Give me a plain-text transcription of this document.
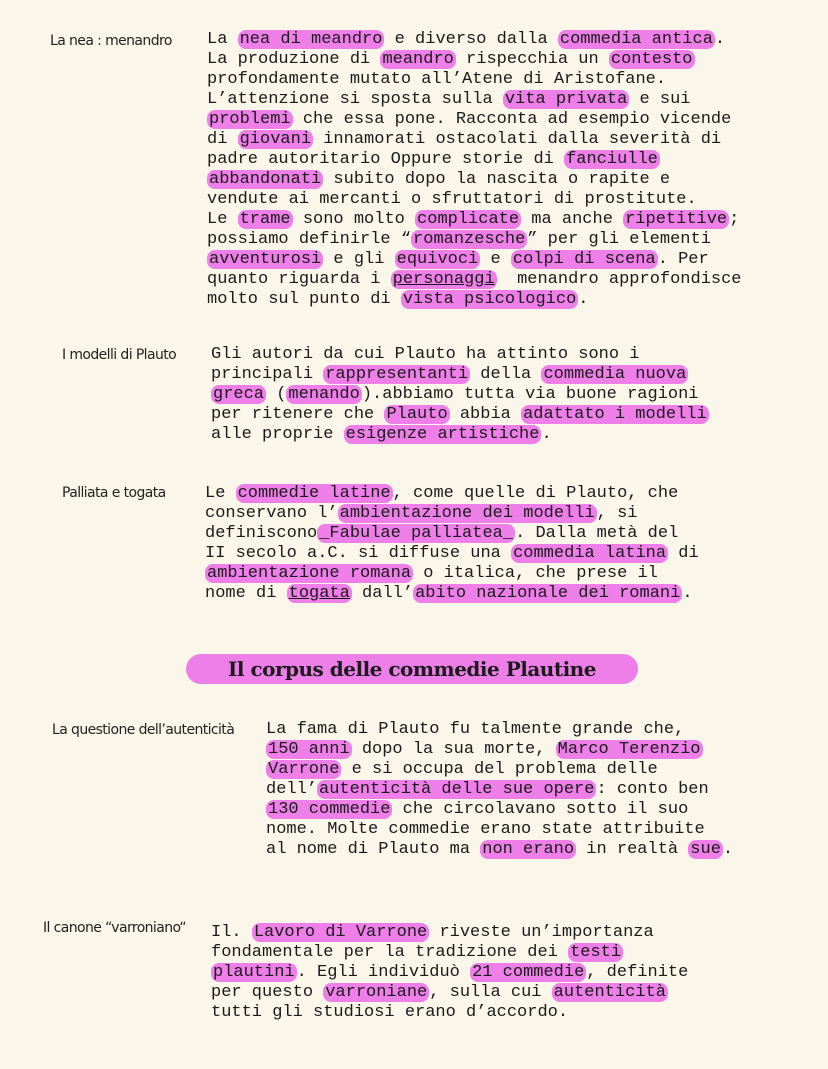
La nea : menandro La nea di meandro e diverso dalla commedia antica .
La produzione di meandro rispecchia un contesto
profondamente mutato all’Atene di Aristofane.
L’attenzione si sposta sulla vita privata e sui
problemi che essa pone. Racconta ad esempio vicende
di giovani innamorati ostacolati dalla severità di
padre autoritario Oppure storie di fanciulle
abbandonati subito dopo la nascita o rapite e
vendute ai mercanti o sfruttatori di prostitute.
Le trame sono molto complicate ma anche ripetitive ;
possiamo definirle “ romanzesche ” per gli elementi
avventurosi e gli equivoci e colpi di scena . Per
quanto riguarda i personaggi  menandro approfondisce
molto sul punto di vista psicologico .
I modelli di Plauto Gli autori da cui Plauto ha attinto sono i
principali rappresentanti della commedia nuova
greca ( menando ).abbiamo tutta via buone ragioni
per ritenere che Plauto abbia adattato i modelli
alle proprie esigenze artistiche .
Palliata e togata Le commedie latine , come quelle di Plauto, che
conservano l’ ambientazione dei modelli , si
definiscono _Fabulae palliatea_ . Dalla metà del
II secolo a.C. si diffuse una commedia latina di
ambientazione romana o italica, che prese il
nome di togata dall’ abito nazionale dei romani .
Il corpus delle commedie Plautine
La questione dell’autenticità La fama di Plauto fu talmente grande che,
150 anni dopo la sua morte, Marco Terenzio
Varrone e si occupa del problema delle
dell’ autenticità delle sue opere : conto ben
130 commedie che circolavano sotto il suo
nome. Molte commedie erano state attribuite
al nome di Plauto ma non erano in realtà sue .
Il canone “varroniano“ Il. Lavoro di Varrone riveste un’importanza
fondamentale per la tradizione dei testi
plautini . Egli individuò 21 commedie , definite
per questo varroniane , sulla cui autenticità
tutti gli studiosi erano d’accordo.
